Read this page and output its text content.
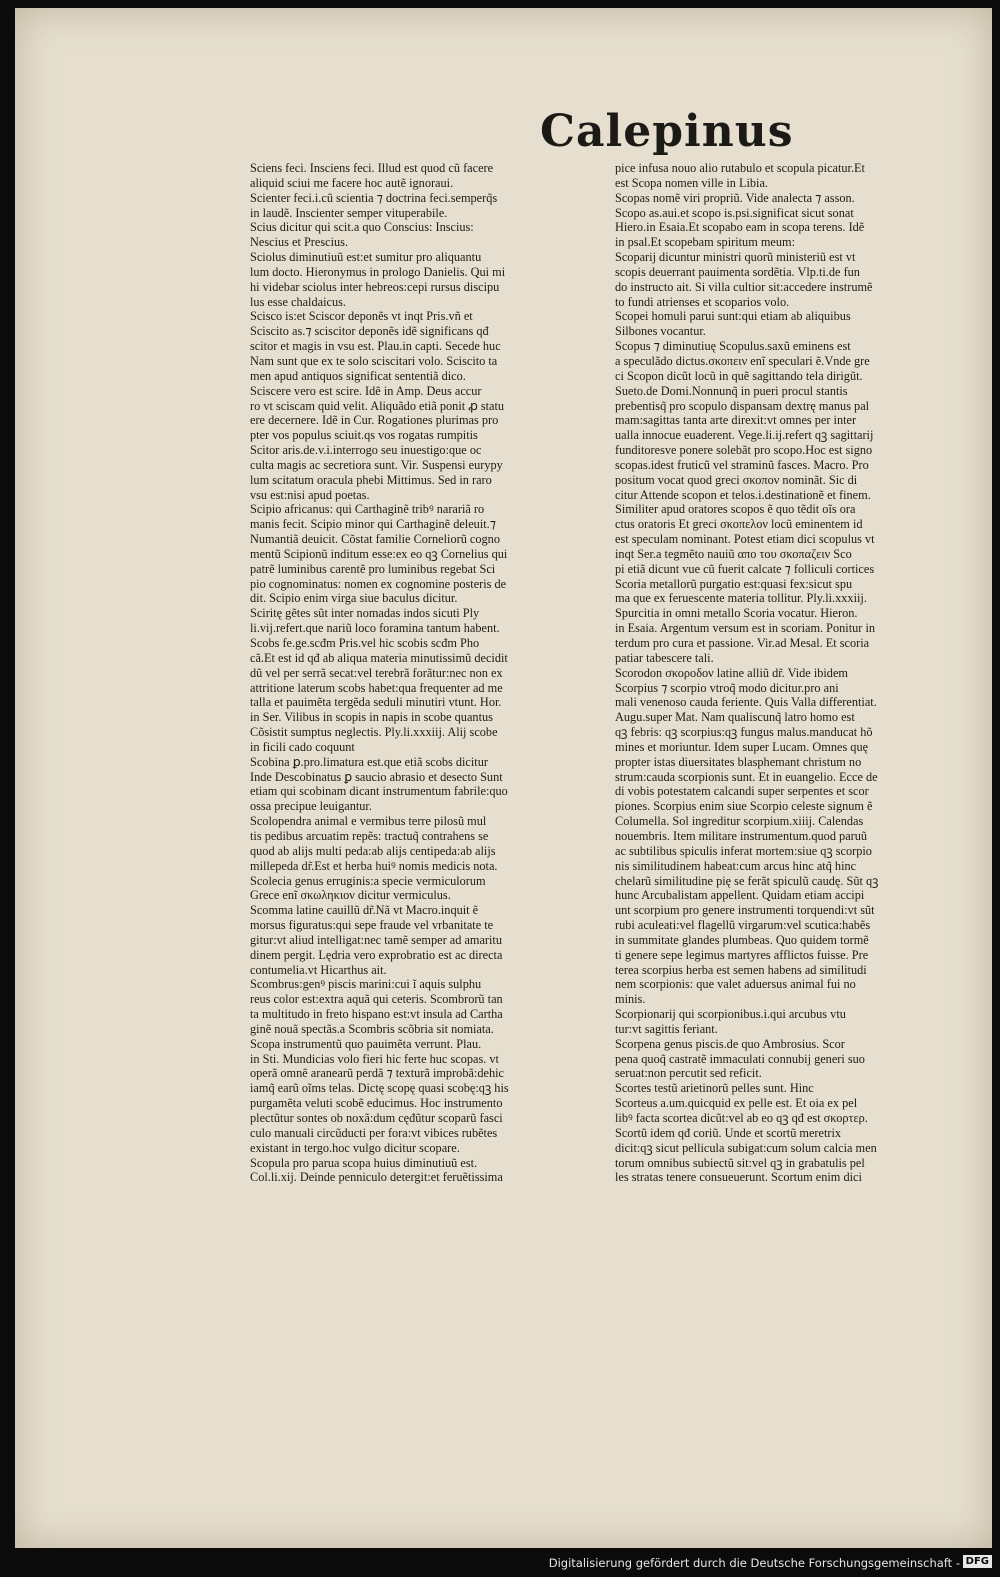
Calepinus
Sciens feci. Insciens feci. Illud est quod cũ facere
aliquid sciui me facere hoc autẽ ignoraui.
Scienter feci.i.cũ scientia ⁊ doctrina feci.semperq̃s
in laudẽ. Inscienter semper vituperabile.
Scius dicitur qui scit.a quo Conscius: Inscius:
Nescius et Prescius.
Sciolus diminutiuũ est:et sumitur pro aliquantu
lum docto. Hieronymus in prologo Danielis. Qui mi
hi videbar sciolus inter hebreos:cepi rursus discipu
lus esse chaldaicus.
Scisco is:et Sciscor deponẽs vt inqt Pris.vñ et
Sciscito as.⁊ sciscitor deponẽs idẽ significans qđ
scitor et magis in vsu est. Plau.in capti. Secede huc
Nam sunt que ex te solo sciscitari volo. Sciscito ta
men apud antiquos significat sententiã dico.
Sciscere vero est scire. Idẽ in Amp. Deus accur
ro vt sciscam quid velit. Aliquãdo etiã ponit ꝓ statu
ere decernere. Idẽ in Cur. Rogationes plurimas pro
pter vos populus sciuit.qs vos rogatas rumpitis
Scitor aris.de.v.i.interrogo seu inuestigo:que oc
culta magis ac secretiora sunt. Vir. Suspensi eurypy
lum scitatum oracula phebi Mittimus. Sed in raro
vsu est:nisi apud poetas.
Scipio africanus: qui Carthaginẽ tribꝰ narariã ro
manis fecit. Scipio minor qui Carthaginẽ deleuit.⁊
Numantiã deuicit. Cõstat familie Corneliorũ cogno
mentũ Scipionũ inditum esse:ex eo qꝫ Cornelius qui
patrẽ luminibus carentẽ pro luminibus regebat Sci
pio cognominatus: nomen ex cognomine posteris de
dit. Scipio enim virga siue baculus dicitur.
Sciritę gẽtes sũt inter nomadas indos sicuti Ply
li.vij.refert.que nariũ loco foramina tantum habent.
Scobs fe.ge.scđm Pris.vel hic scobis scđm Pho
cã.Et est id qđ ab aliqua materia minutissimũ decidit
dũ vel per serrã secat:vel terebrã forãtur:nec non ex
attritione laterum scobs habet:qua frequenter ad me
talla et pauimẽta tergẽda seduli minutiri vtunt. Hor.
in Ser. Vilibus in scopis in napis in scobe quantus
Cõsistit sumptus neglectis. Ply.li.xxxiij. Alij scobe
in ficili cado coquunt
Scobina ꝑ.pro.limatura est.que etiã scobs dicitur
Inde Descobinatus ꝑ saucio abrasio et desecto Sunt
etiam qui scobinam dicant instrumentum fabrile:quo
ossa precipue leuigantur.
Scolopendra animal e vermibus terre pilosũ mul
tis pedibus arcuatim repẽs: tractuq̃ contrahens se
quod ab alijs multi peda:ab alijs centipeda:ab alijs
millepeda dr̃.Est et herba huiꝰ nomis medicis nota.
Scolecia genus erruginis:a specie vermiculorum
Grece enĩ σκωληκιον dicitur vermiculus.
Scomma latine cauillũ dr̃.Nã vt Macro.inquit ẽ
morsus figuratus:qui sepe fraude vel vrbanitate te
gitur:vt aliud intelligat:nec tamẽ semper ad amaritu
dinem pergit. Lędria vero exprobratio est ac directa
contumelia.vt Hicarthus ait.
Scombrus:genꝰ piscis marini:cui ĩ aquis sulphu
reus color est:extra aquã qui ceteris. Scombrorũ tan
ta multitudo in freto hispano est:vt insula ad Cartha
ginẽ nouã spectãs.a Scombris scõbria sit nomiata.
Scopa instrumentũ quo pauimẽta verrunt. Plau.
in Sti. Mundicias volo fieri hic ferte huc scopas. vt
operã omnẽ aranearũ perdã ⁊ texturã improbã:dehic
iamq̃ earũ oĩms telas. Dictę scopę quasi scobę:qꝫ his
purgamẽta veluti scobẽ educimus. Hoc instrumento
plectũtur sontes ob noxã:dum cęđũtur scoparũ fasci
culo manuali circũducti per fora:vt vibices rubẽtes
existant in tergo.hoc vulgo dicitur scopare.
Scopula pro parua scopa huius diminutiuũ est.
Col.li.xij. Deinde penniculo detergit:et feruẽtissima
pice infusa nouo alio rutabulo et scopula picatur.Et
est Scopa nomen ville in Libia.
Scopas nomẽ viri propriũ. Vide analecta ⁊ asson.
Scopo as.aui.et scopo is.psi.significat sicut sonat
Hiero.in Esaia.Et scopabo eam in scopa terens. Idẽ
in psal.Et scopebam spiritum meum:
Scoparij dicuntur ministri quorũ ministeriũ est vt
scopis deuerrant pauimenta sordẽtia. Vlp.ti.de fun
do instructo ait. Si villa cultior sit:accedere instrumẽ
to fundi atrienses et scoparios volo.
Scopei homuli parui sunt:qui etiam ab aliquibus
Silbones vocantur.
Scopus ⁊ diminutiuę Scopulus.saxũ eminens est
a speculãdo dictus.σκοπειν enĩ speculari ẽ.Vnde gre
ci Scopon dicũt locũ in quẽ sagittando tela dirigũt.
Sueto.de Domi.Nonnunq̃ in pueri procul stantis
prebentisq̃ pro scopulo dispansam dextrę manus pal
mam:sagittas tanta arte direxit:vt omnes per inter
ualla innocue euaderent. Vege.li.ij.refert qꝫ sagittarij
funditoresve ponere solebãt pro scopo.Hoc est signo
scopas.idest fruticũ vel straminũ fasces. Macro. Pro
positum vocat quod greci σκοπον nominãt. Sic di
citur Attende scopon et telos.i.destinationẽ et finem.
Similiter apud oratores scopos ẽ quo tẽdit oĩs ora
ctus oratoris Et greci σκοπελον locũ eminentem id
est speculam nominant. Potest etiam dici scopulus vt
inqt Ser.a tegmẽto nauiũ απο του σκοπαζειν Sco
pi etiã dicunt vue cũ fuerit calcate ⁊ folliculi cortices
Scoria metallorũ purgatio est:quasi fex:sicut spu
ma que ex feruescente materia tollitur. Ply.li.xxxiij.
Spurcitia in omni metallo Scoria vocatur. Hieron.
in Esaia. Argentum versum est in scoriam. Ponitur in
terdum pro cura et passione. Vir.ad Mesal. Et scoria
patiar tabescere tali.
Scorodon σκοροδον latine alliũ dr̃. Vide ibidem
Scorpius ⁊ scorpio vtroq̃ modo dicitur.pro ani
mali venenoso cauda feriente. Quis Valla differentiat.
Augu.super Mat. Nam qualiscunq̃ latro homo est
qꝫ febris: qꝫ scorpius:qꝫ fungus malus.manducat hõ
mines et moriuntur. Idem super Lucam. Omnes quę
propter istas diuersitates blasphemant christum no
strum:cauda scorpionis sunt. Et in euangelio. Ecce de
di vobis potestatem calcandi super serpentes et scor
piones. Scorpius enim siue Scorpio celeste signum ẽ
Columella. Sol ingreditur scorpium.xiiij. Calendas
nouembris. Item militare instrumentum.quod paruũ
ac subtilibus spiculis inferat mortem:siue qꝫ scorpio
nis similitudinem habeat:cum arcus hinc atq̃ hinc
chelarũ similitudine pię se ferãt spiculũ caudę. Sũt qꝫ
hunc Arcubalistam appellent. Quidam etiam accipi
unt scorpium pro genere instrumenti torquendi:vt sũt
rubi aculeati:vel flagellũ virgarum:vel scutica:habẽs
in summitate glandes plumbeas. Quo quidem tormẽ
ti genere sepe legimus martyres afflictos fuisse. Pre
terea scorpius herba est semen habens ad similitudi
nem scorpionis: que valet aduersus animal fui no
minis.
Scorpionarij qui scorpionibus.i.qui arcubus vtu
tur:vt sagittis feriant.
Scorpena genus piscis.de quo Ambrosius. Scor
pena quoq̃ castratẽ immaculati connubij generi suo
seruat:non percutit sed reficit.
Scortes testũ arietinorũ pelles sunt. Hinc
Scorteus a.um.quicquid ex pelle est. Et oia ex pel
libꝰ facta scortea dicũt:vel ab eo qꝫ qđ est σκορτερ.
Scortũ idem qđ coriũ. Unde et scortũ meretrix
dicit:qꝫ sicut pellicula subigat:cum solum calcia men
torum omnibus subiectũ sit:vel qꝫ in grabatulis pel
les stratas tenere consueuerunt. Scortum enim dici
Digitalisierung gefördert durch die Deutsche Forschungsgemeinschaft - DFG
